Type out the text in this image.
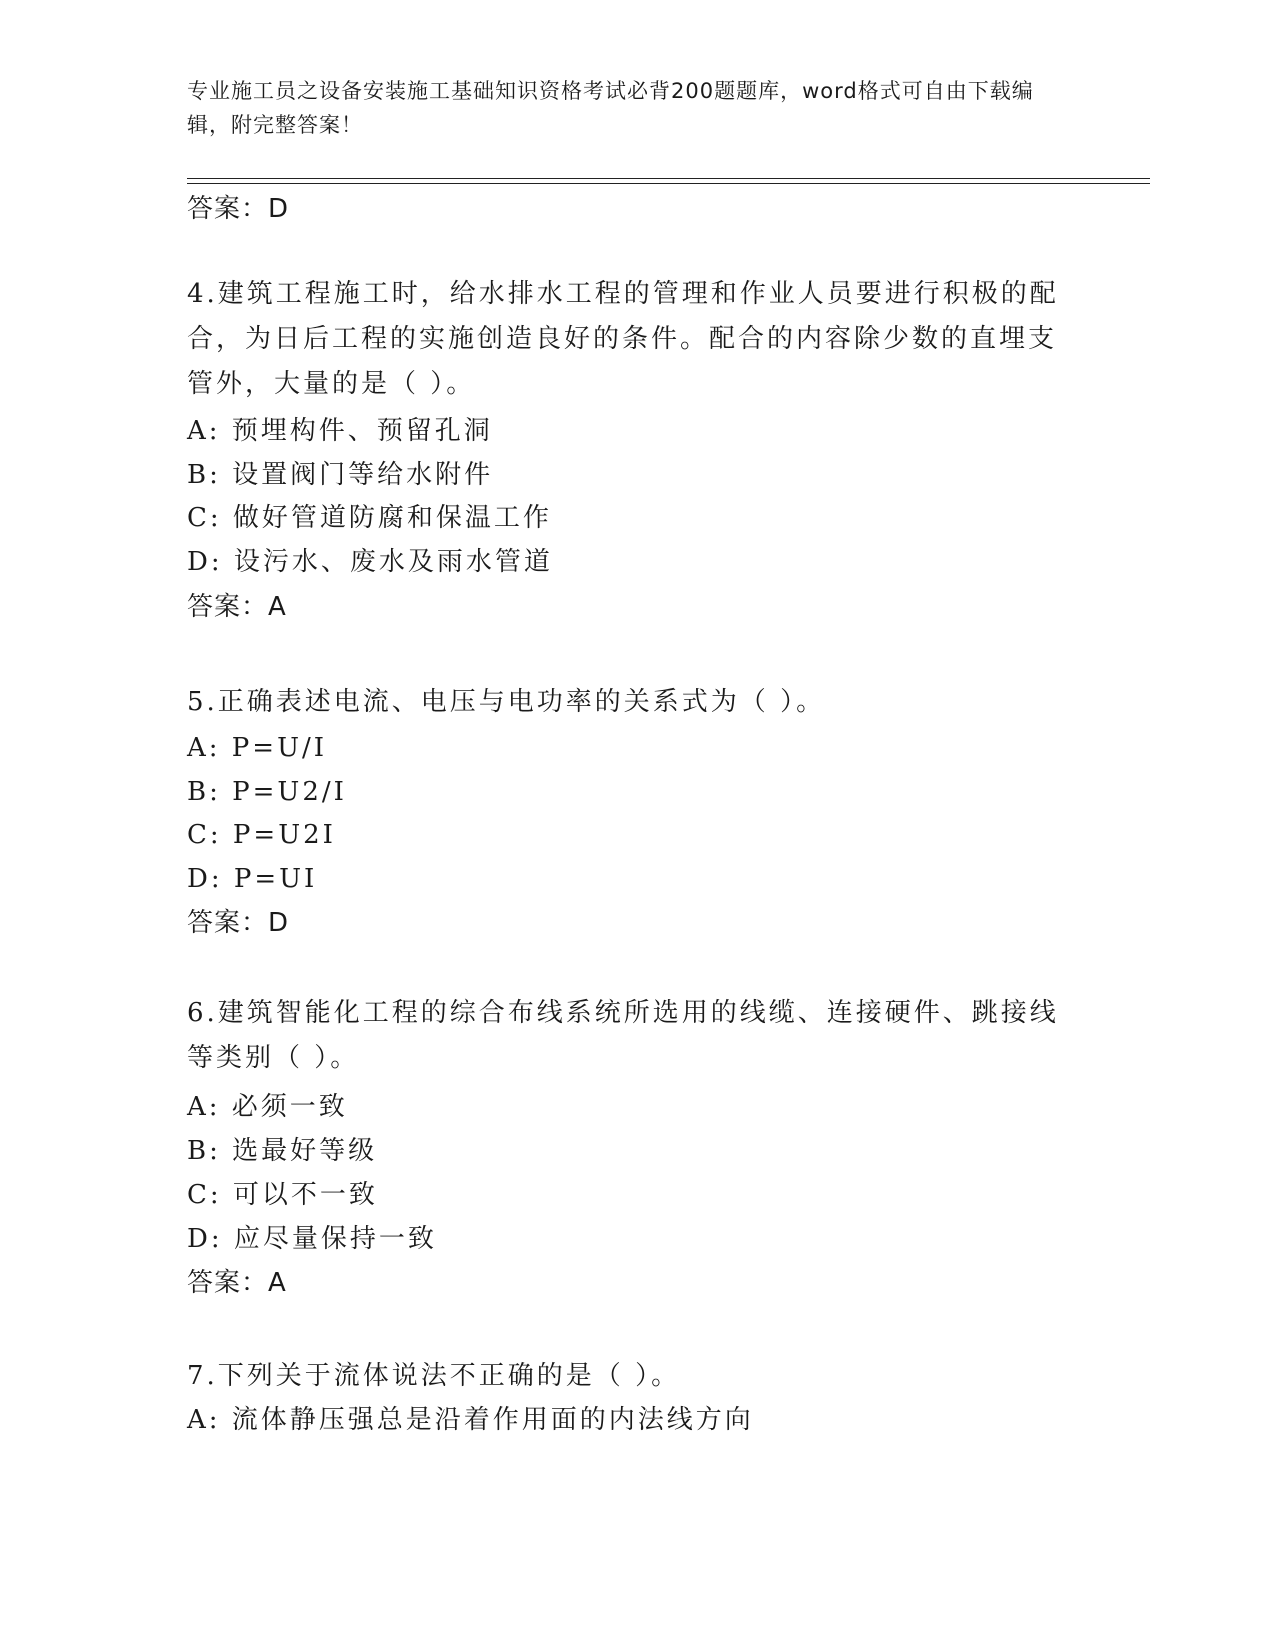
专业施工员之设备安装施工基础知识资格考试必背200题题库，word格式可自由下载编辑，附完整答案！
答案：D
4.建筑工程施工时，给水排水工程的管理和作业人员要进行积极的配合，为日后工程的实施创造良好的条件。配合的内容除少数的直埋支管外，大量的是（ ）。
A: 预埋构件、预留孔洞
B: 设置阀门等给水附件
C: 做好管道防腐和保温工作
D: 设污水、废水及雨水管道
答案：A
5.正确表述电流、电压与电功率的关系式为（ ）。
A: P=U/I
B: P=U2/I
C: P=U2I
D: P=UI
答案：D
6.建筑智能化工程的综合布线系统所选用的线缆、连接硬件、跳接线等类别（ ）。
A: 必须一致
B: 选最好等级
C: 可以不一致
D: 应尽量保持一致
答案：A
7.下列关于流体说法不正确的是（ ）。
A: 流体静压强总是沿着作用面的内法线方向
